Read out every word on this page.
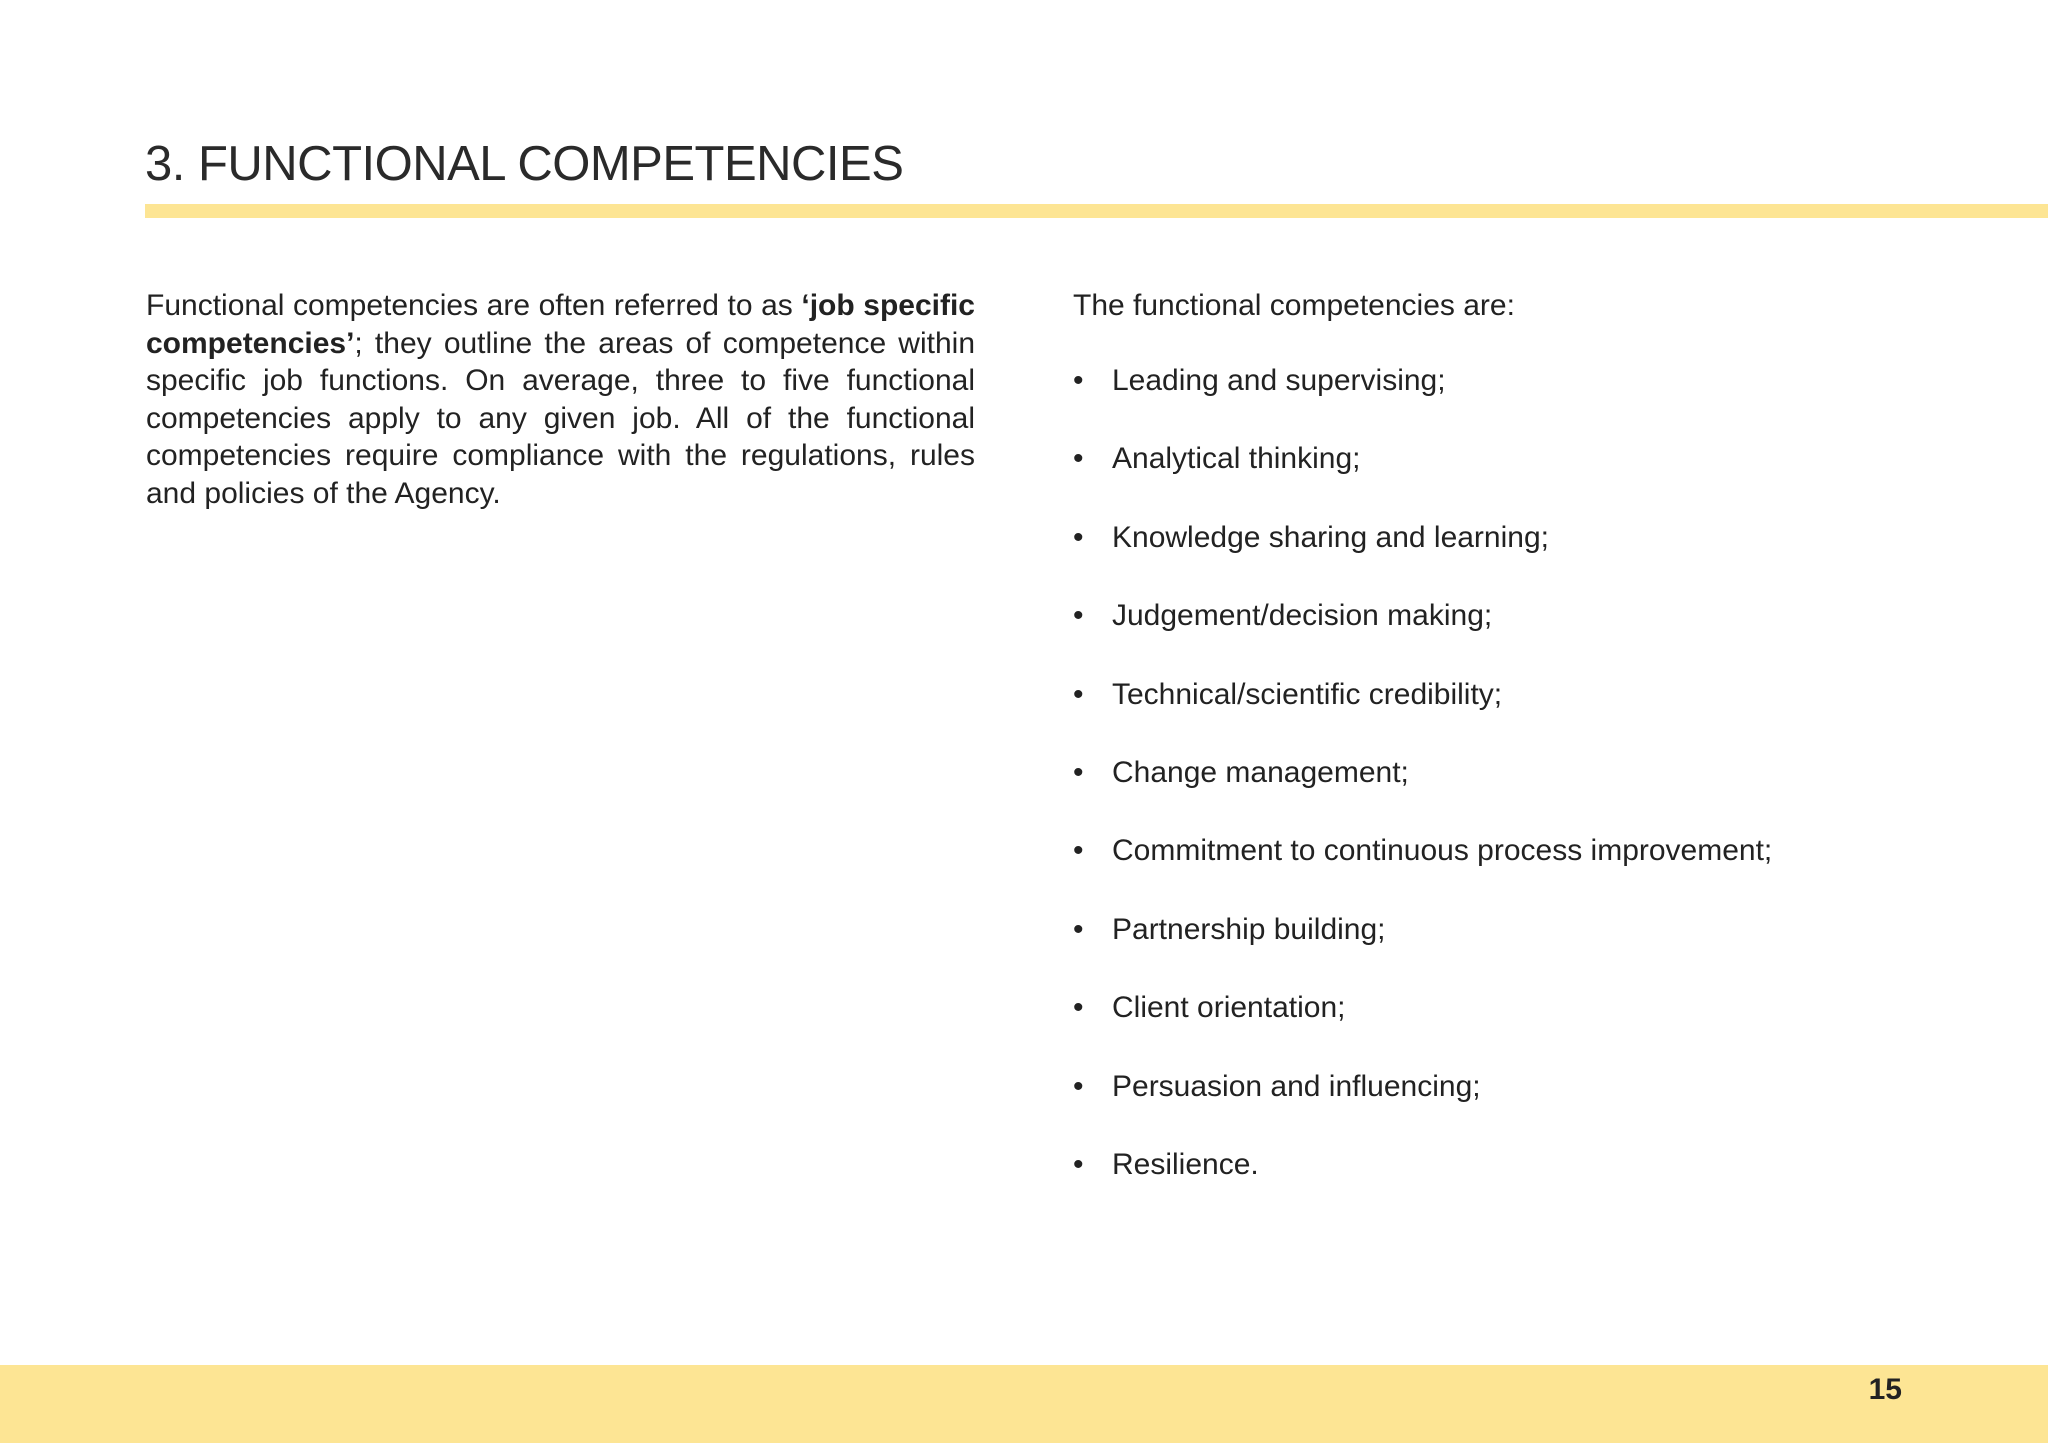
3. FUNCTIONAL COMPETENCIES

Functional competencies are often referred to as ‘job specific competencies’; they outline the areas of competence within specific job functions. On average, three to five functional competencies apply to any given job. All of the functional competencies require compliance with the regulations, rules and policies of the Agency.

The functional competencies are:

• Leading and supervising;
• Analytical thinking;
• Knowledge sharing and learning;
• Judgement/decision making;
• Technical/scientific credibility;
• Change management;
• Commitment to continuous process improvement;
• Partnership building;
• Client orientation;
• Persuasion and influencing;
• Resilience.

15
